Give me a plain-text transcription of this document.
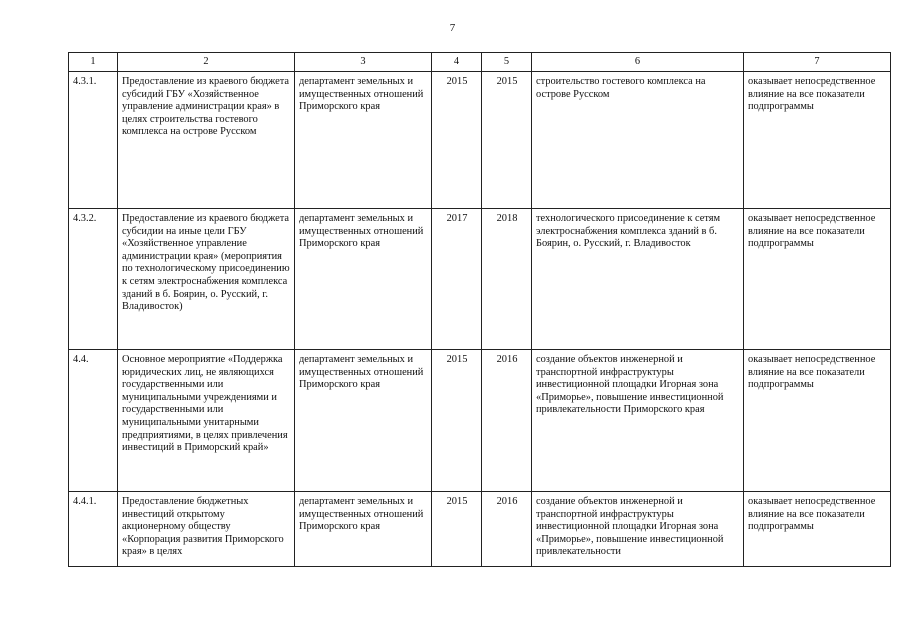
7
1	2	3	4	5	6	7
4.3.1.	Предоставление из краевого бюджета субсидий ГБУ «Хозяйственное управление администрации края» в целях строительства гостевого комплекса на острове Русском	департамент земельных и имущественных отношений Приморского края	2015	2015	строительство гостевого комплекса на острове Русском	оказывает непосредственное влияние на все показатели подпрограммы
4.3.2.	Предоставление из краевого бюджета субсидии на иные цели ГБУ «Хозяйственное управление администрации края» (мероприятия по технологическому присоединению к сетям электроснабжения комплекса зданий в б. Боярин, о. Русский, г. Владивосток)	департамент земельных и имущественных отношений Приморского края	2017	2018	технологического присоединение к сетям электроснабжения комплекса зданий в б. Боярин, о. Русский, г. Владивосток	оказывает непосредственное влияние на все показатели подпрограммы
4.4.	Основное мероприятие «Поддержка юридических лиц, не являющихся государственными или муниципальными учреждениями и государственными или муниципальными унитарными предприятиями, в целях привлечения инвестиций в Приморский край»	департамент земельных и имущественных отношений Приморского края	2015	2016	создание объектов инженерной и транспортной инфраструктуры инвестиционной площадки Игорная зона «Приморье», повышение инвестиционной привлекательности Приморского края	оказывает непосредственное влияние на все показатели подпрограммы
4.4.1.	Предоставление бюджетных инвестиций открытому акционерному обществу «Корпорация развития Приморского края» в целях	департамент земельных и имущественных отношений Приморского края	2015	2016	создание объектов инженерной и транспортной инфраструктуры инвестиционной площадки Игорная зона «Приморье», повышение инвестиционной привлекательности	оказывает непосредственное влияние на все показатели подпрограммы
